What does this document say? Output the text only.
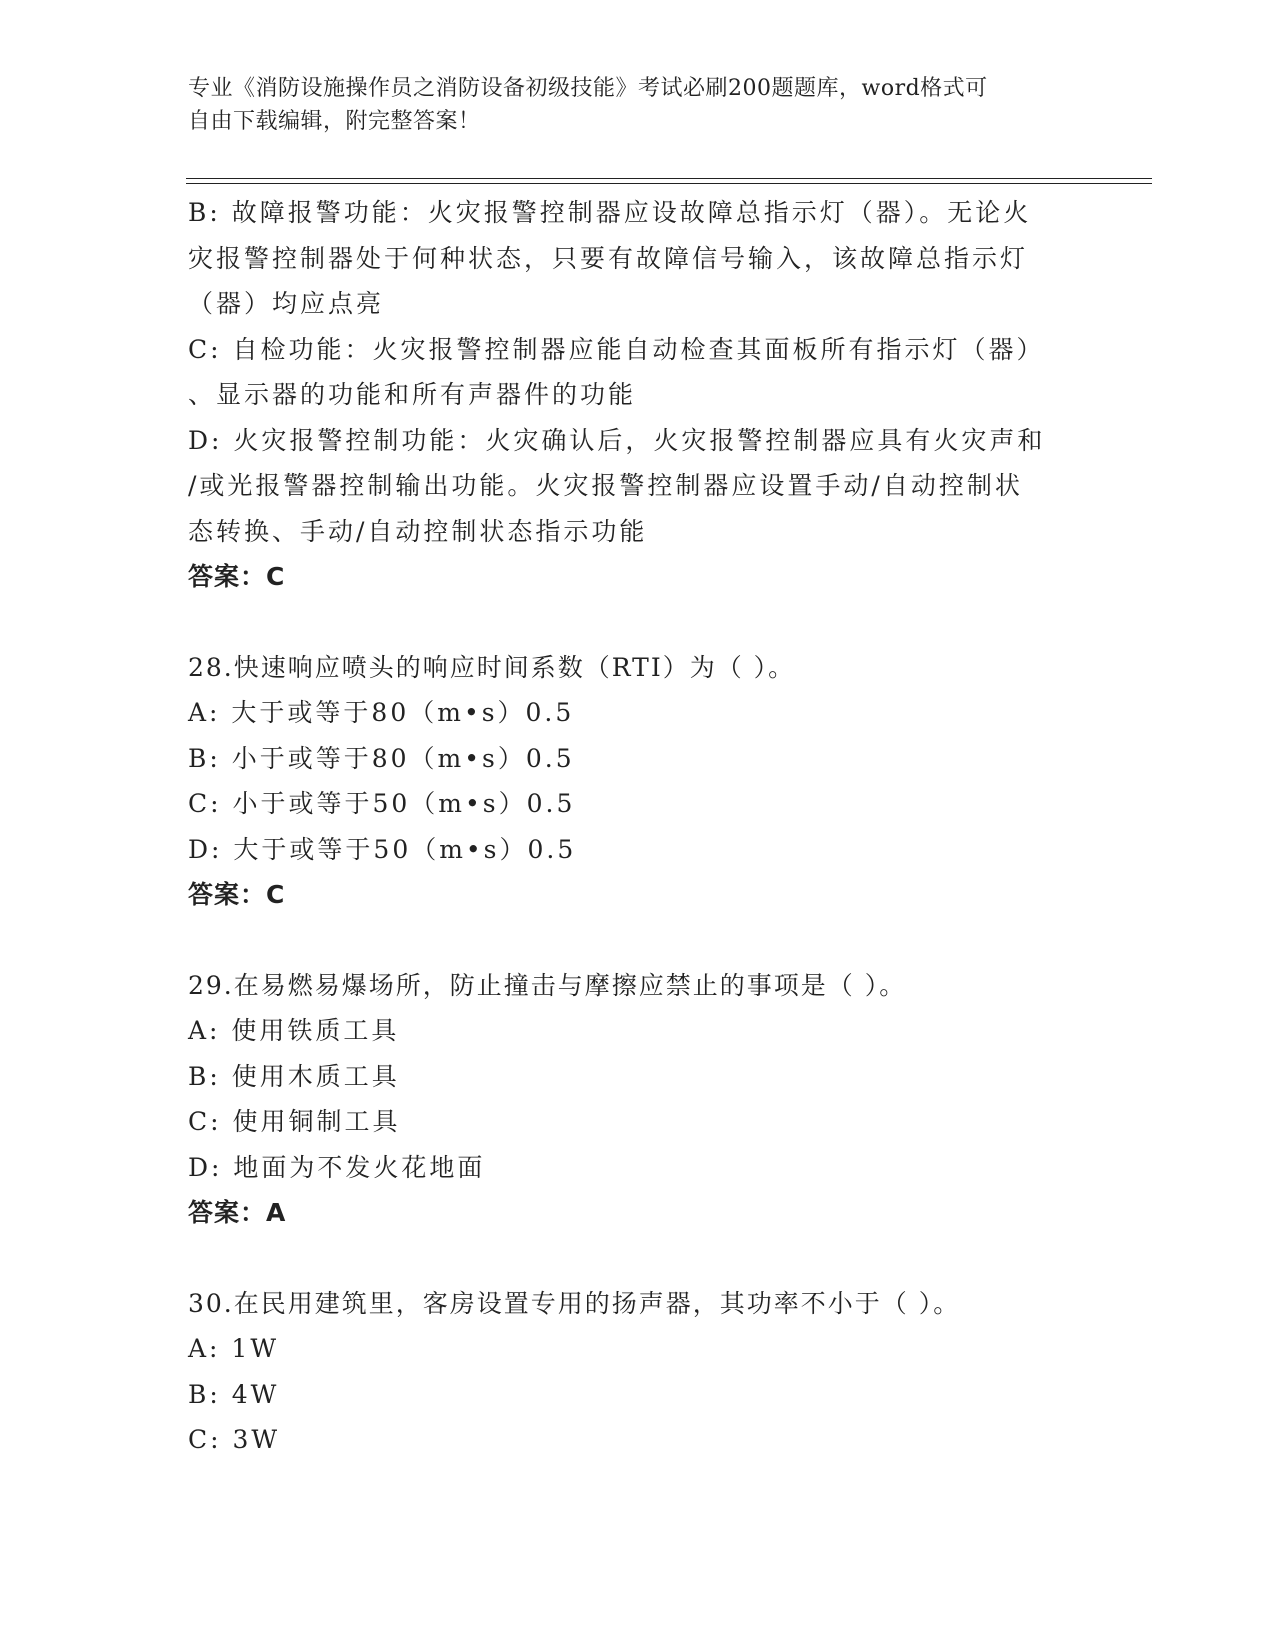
专业《消防设施操作员之消防设备初级技能》考试必刷200题题库，word格式可
自由下载编辑，附完整答案！
B: 故障报警功能：火灾报警控制器应设故障总指示灯（器）。无论火
灾报警控制器处于何种状态，只要有故障信号输入，该故障总指示灯
（器）均应点亮
C: 自检功能：火灾报警控制器应能自动检查其面板所有指示灯（器）
、显示器的功能和所有声器件的功能
D: 火灾报警控制功能：火灾确认后，火灾报警控制器应具有火灾声和
/或光报警器控制输出功能。火灾报警控制器应设置手动/自动控制状
态转换、手动/自动控制状态指示功能
答案：C
28.快速响应喷头的响应时间系数（RTI）为（ ）。
A: 大于或等于80（m•s）0.5
B: 小于或等于80（m•s）0.5
C: 小于或等于50（m•s）0.5
D: 大于或等于50（m•s）0.5
答案：C
29.在易燃易爆场所，防止撞击与摩擦应禁止的事项是（ ）。
A: 使用铁质工具
B: 使用木质工具
C: 使用铜制工具
D: 地面为不发火花地面
答案：A
30.在民用建筑里，客房设置专用的扬声器，其功率不小于（ ）。
A: 1W
B: 4W
C: 3W
